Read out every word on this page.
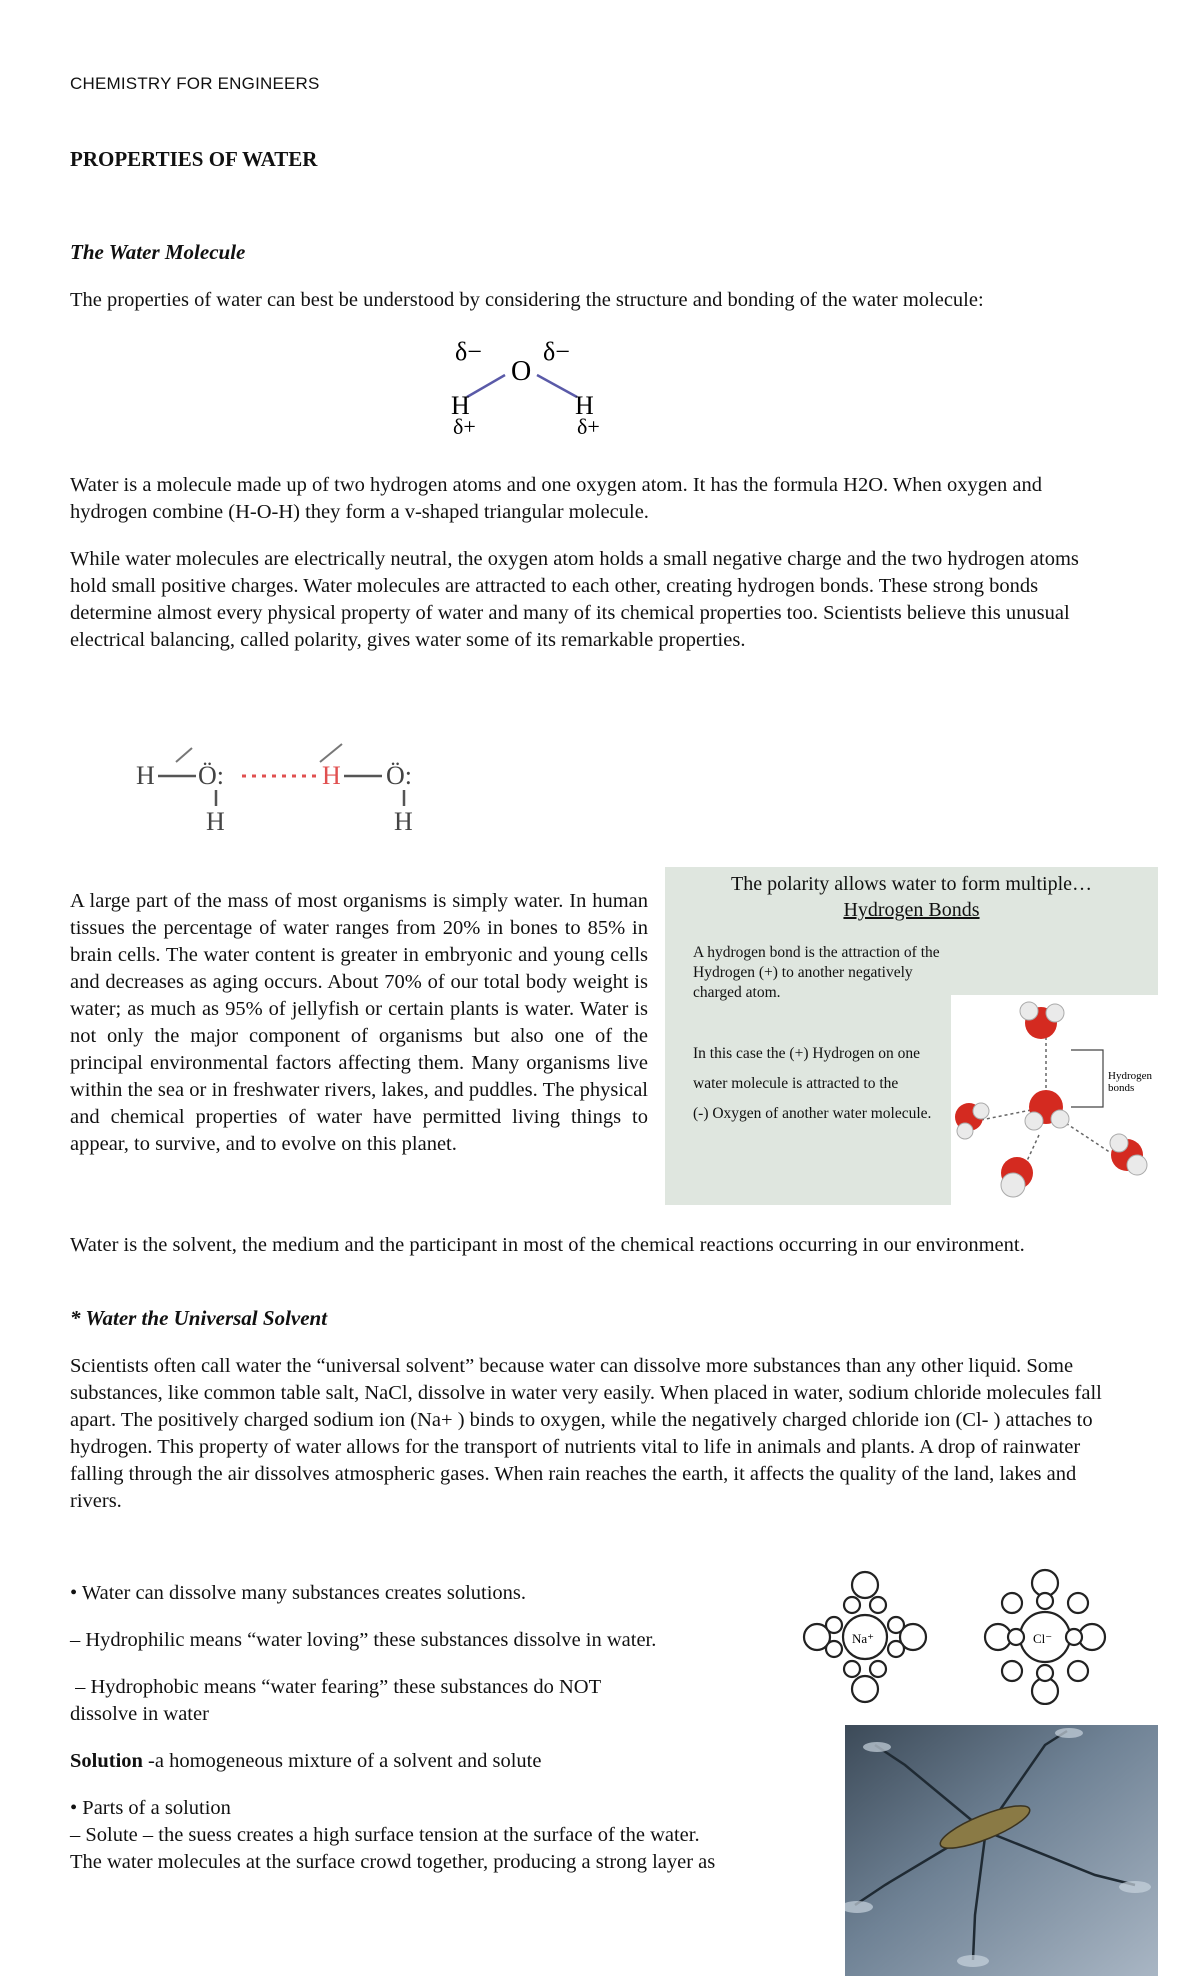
CHEMISTRY FOR ENGINEERS
PROPERTIES OF WATER
The Water Molecule
The properties of water can best be understood by considering the structure and bonding of the water molecule:
δ− δ−
O
H	H
δ+	δ+
Water is a molecule made up of two hydrogen atoms and one oxygen atom. It has the formula H2O. When oxygen and hydrogen combine (H-O-H) they form a v-shaped triangular molecule.
While water molecules are electrically neutral, the oxygen atom holds a small negative charge and the two hydrogen atoms hold small positive charges. Water molecules are attracted to each other, creating hydrogen bonds. These strong bonds determine almost every physical property of water and many of its chemical properties too. Scientists believe this unusual electrical balancing, called polarity, gives water some of its remarkable properties.
H Ö:
H
H Ö:
H
A large part of the mass of most organisms is simply water. In human tissues the percentage of water ranges from 20% in bones to 85% in brain cells. The water content is greater in embryonic and young cells and decreases as aging occurs. About 70% of our total body weight is water; as much as 95% of jellyfish or certain plants is water. Water is not only the major component of organisms but also one of the principal environmental factors affecting them. Many organisms live within the sea or in freshwater rivers, lakes, and puddles. The physical and chemical properties of water have permitted living things to appear, to survive, and to evolve on this planet.
The polarity allows water to form multiple…
Hydrogen Bonds
A hydrogen bond is the attraction of the
Hydrogen (+) to another negatively
charged atom.
In this case the (+) Hydrogen on one
water molecule is attracted to the
(-) Oxygen of another water molecule.
Hydrogen
bonds
Water is the solvent, the medium and the participant in most of the chemical reactions occurring in our environment.
* Water the Universal Solvent
Scientists often call water the “universal solvent” because water can dissolve more substances than any other liquid. Some substances, like common table salt, NaCl, dissolve in water very easily. When placed in water, sodium chloride molecules fall apart. The positively charged sodium ion (Na+ ) binds to oxygen, while the negatively charged chloride ion (Cl- ) attaches to hydrogen. This property of water allows for the transport of nutrients vital to life in animals and plants. A drop of rainwater falling through the air dissolves atmospheric gases. When rain reaches the earth, it affects the quality of the land, lakes and rivers.
• Water can dissolve many substances creates solutions.
– Hydrophilic means “water loving” these substances dissolve in water.
– Hydrophobic means “water fearing” these substances do NOT
dissolve in water
Solution -a homogeneous mixture of a solvent and solute
• Parts of a solution
– Solute – the suess creates a high surface tension at the surface of the water.
The water molecules at the surface crowd together, producing a strong layer as
Na⁺	Cl⁻
